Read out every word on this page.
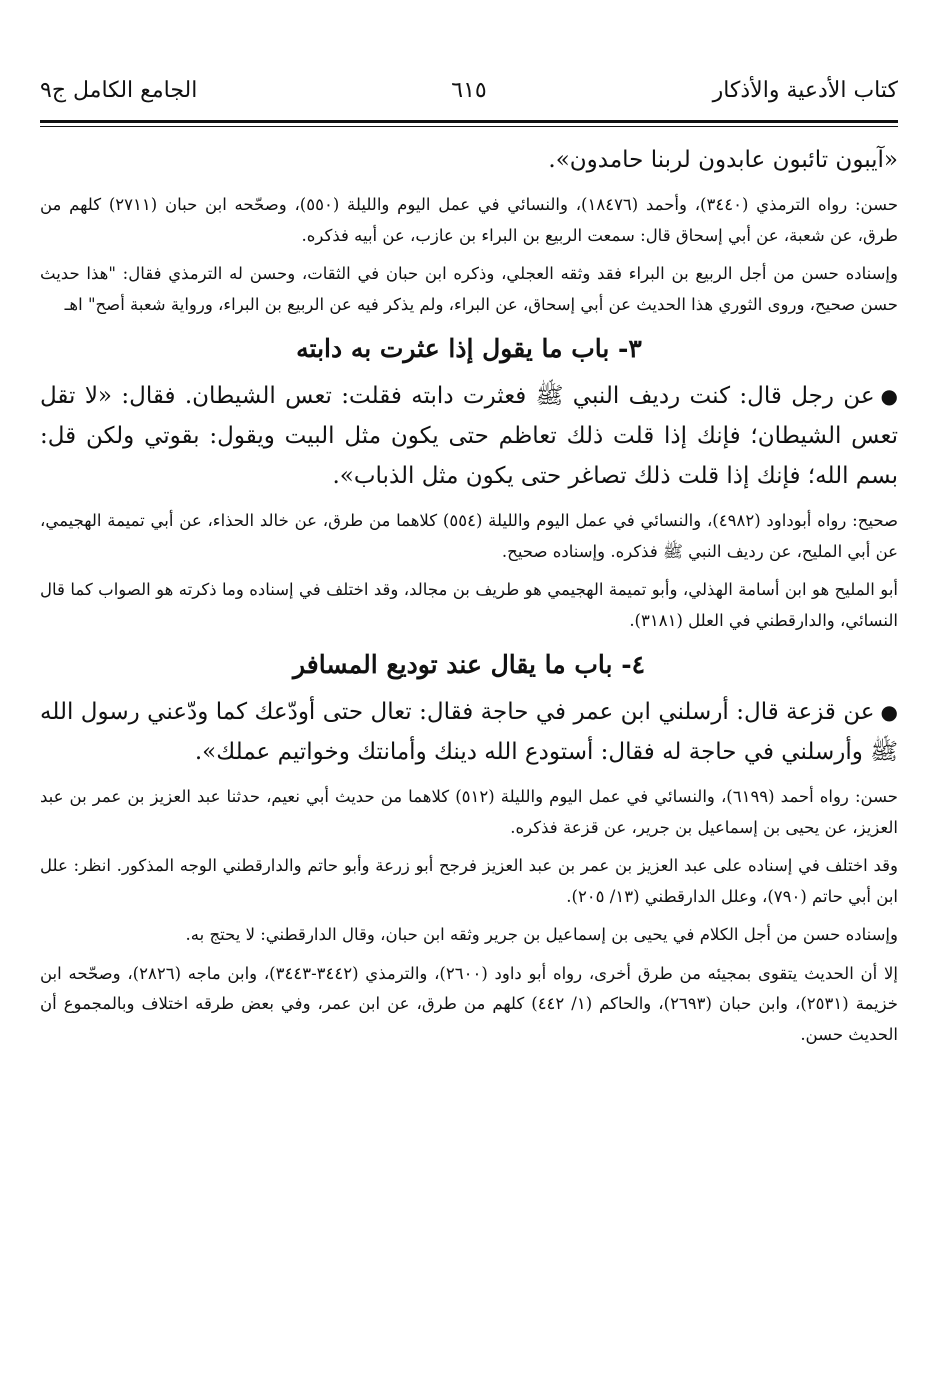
كتاب الأدعية والأذكار
٦١٥
الجامع الكامل ج٩

«آيبون تائبون عابدون لربنا حامدون».

حسن: رواه الترمذي (٣٤٤٠)، وأحمد (١٨٤٧٦)، والنسائي في عمل اليوم والليلة (٥٥٠)، وصحّحه ابن حبان (٢٧١١) كلهم من طرق، عن شعبة، عن أبي إسحاق قال: سمعت الربيع بن البراء بن عازب، عن أبيه فذكره.

وإسناده حسن من أجل الربيع بن البراء فقد وثقه العجلي، وذكره ابن حبان في الثقات، وحسن له الترمذي فقال: "هذا حديث حسن صحيح، وروى الثوري هذا الحديث عن أبي إسحاق، عن البراء، ولم يذكر فيه عن الربيع بن البراء، ورواية شعبة أصح" اهـ

٣- باب ما يقول إذا عثرت به دابته

●عن رجل قال: كنت رديف النبي ﷺ فعثرت دابته فقلت: تعس الشيطان. فقال: «لا تقل تعس الشيطان؛ فإنك إذا قلت ذلك تعاظم حتى يكون مثل البيت ويقول: بقوتي ولكن قل: بسم الله؛ فإنك إذا قلت ذلك تصاغر حتى يكون مثل الذباب».

صحيح: رواه أبوداود (٤٩٨٢)، والنسائي في عمل اليوم والليلة (٥٥٤) كلاهما من طرق، عن خالد الحذاء، عن أبي تميمة الهجيمي، عن أبي المليح، عن رديف النبي ﷺ فذكره. وإسناده صحيح.

أبو المليح هو ابن أسامة الهذلي، وأبو تميمة الهجيمي هو طريف بن مجالد، وقد اختلف في إسناده وما ذكرته هو الصواب كما قال النسائي، والدارقطني في العلل (٣١٨١).

٤- باب ما يقال عند توديع المسافر

●عن قزعة قال: أرسلني ابن عمر في حاجة فقال: تعال حتى أودّعك كما ودّعني رسول الله ﷺ وأرسلني في حاجة له فقال: أستودع الله دينك وأمانتك وخواتيم عملك».

حسن: رواه أحمد (٦١٩٩)، والنسائي في عمل اليوم والليلة (٥١٢) كلاهما من حديث أبي نعيم، حدثنا عبد العزيز بن عمر بن عبد العزيز، عن يحيى بن إسماعيل بن جرير، عن قزعة فذكره.

وقد اختلف في إسناده على عبد العزيز بن عمر بن عبد العزيز فرجح أبو زرعة وأبو حاتم والدارقطني الوجه المذكور. انظر: علل ابن أبي حاتم (٧٩٠)، وعلل الدارقطني (١٣/ ٢٠٥).

وإسناده حسن من أجل الكلام في يحيى بن إسماعيل بن جرير وثقه ابن حبان، وقال الدارقطني: لا يحتج به.

إلا أن الحديث يتقوى بمجيئه من طرق أخرى، رواه أبو داود (٢٦٠٠)، والترمذي (٣٤٤٢-٣٤٤٣)، وابن ماجه (٢٨٢٦)، وصحّحه ابن خزيمة (٢٥٣١)، وابن حبان (٢٦٩٣)، والحاكم (١/ ٤٤٢) كلهم من طرق، عن ابن عمر، وفي بعض طرقه اختلاف وبالمجموع أن الحديث حسن.
